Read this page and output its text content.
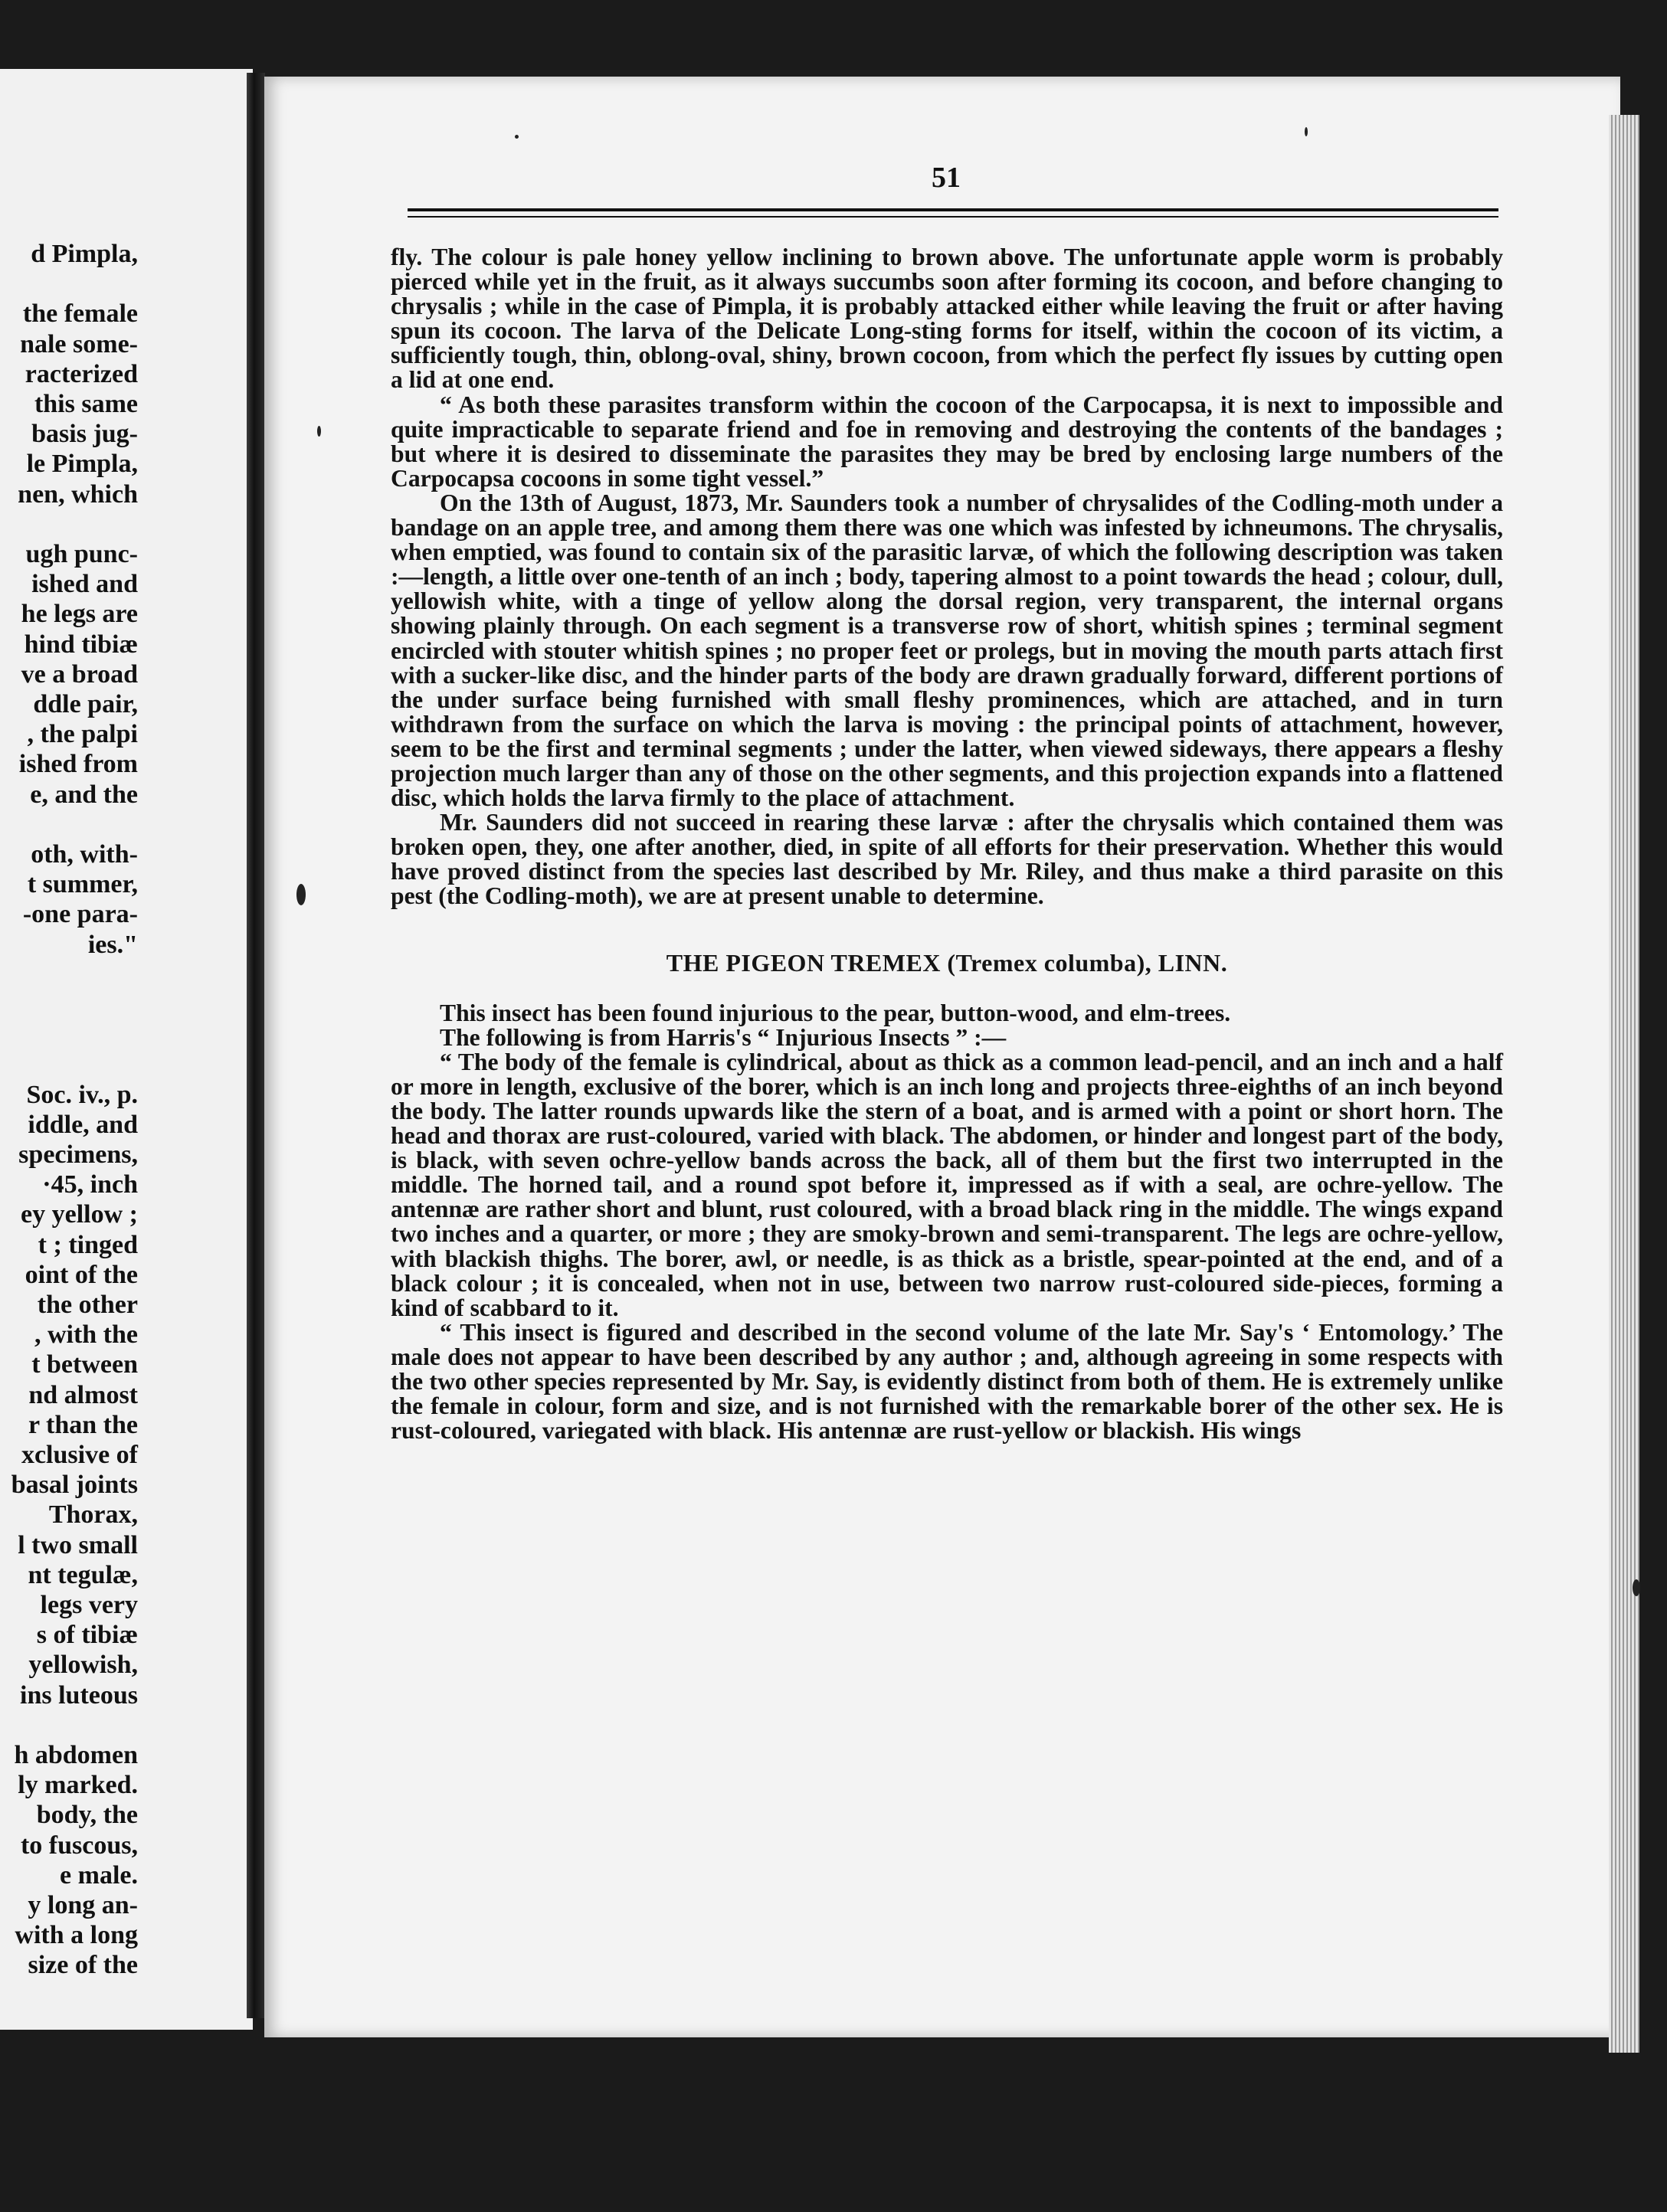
d Pimpla,
the female
nale some-
racterized
this same
basis jug-
le Pimpla,
nen, which
ugh punc-
ished and
he legs are
hind tibiæ
ve a broad
ddle pair,
, the palpi
ished from
e, and the
oth, with-
t summer,
-one para-
ies."
Soc. iv., p.
iddle, and
specimens,
·45, inch
ey yellow ;
t ; tinged
oint of the
the other
, with the
t between
nd almost
r than the
xclusive of
basal joints
Thorax,
l two small
nt tegulæ,
legs very
s of tibiæ
yellowish,
ins luteous
h abdomen
ly marked.
body, the
to fuscous,
e male.
y long an-
with a long
size of the
51

fly. The colour is pale honey yellow inclining to brown above. The unfortunate apple worm is probably pierced while yet in the fruit, as it always succumbs soon after forming its cocoon, and before changing to chrysalis ; while in the case of Pimpla, it is probably attacked either while leaving the fruit or after having spun its cocoon. The larva of the Delicate Long-sting forms for itself, within the cocoon of its victim, a sufficiently tough, thin, oblong-oval, shiny, brown cocoon, from which the perfect fly issues by cutting open a lid at one end.

“ As both these parasites transform within the cocoon of the Carpocapsa, it is next to impossible and quite impracticable to separate friend and foe in removing and destroying the contents of the bandages ; but where it is desired to disseminate the parasites they may be bred by enclosing large numbers of the Carpocapsa cocoons in some tight vessel.”

On the 13th of August, 1873, Mr. Saunders took a number of chrysalides of the Codling-moth under a bandage on an apple tree, and among them there was one which was infested by ichneumons. The chrysalis, when emptied, was found to contain six of the parasitic larvæ, of which the following description was taken :—length, a little over one-tenth of an inch ; body, tapering almost to a point towards the head ; colour, dull, yellowish white, with a tinge of yellow along the dorsal region, very transparent, the internal organs showing plainly through. On each segment is a transverse row of short, whitish spines ; terminal segment encircled with stouter whitish spines ; no proper feet or prolegs, but in moving the mouth parts attach first with a sucker-like disc, and the hinder parts of the body are drawn gradually forward, different portions of the under surface being furnished with small fleshy prominences, which are attached, and in turn withdrawn from the surface on which the larva is moving : the principal points of attachment, however, seem to be the first and terminal segments ; under the latter, when viewed sideways, there appears a fleshy projection much larger than any of those on the other segments, and this projection expands into a flattened disc, which holds the larva firmly to the place of attachment.

Mr. Saunders did not succeed in rearing these larvæ : after the chrysalis which contained them was broken open, they, one after another, died, in spite of all efforts for their preservation. Whether this would have proved distinct from the species last described by Mr. Riley, and thus make a third parasite on this pest (the Codling-moth), we are at present unable to determine.

THE PIGEON TREMEX (Tremex columba), LINN.

This insect has been found injurious to the pear, button-wood, and elm-trees.

The following is from Harris's “ Injurious Insects ” :—

“ The body of the female is cylindrical, about as thick as a common lead-pencil, and an inch and a half or more in length, exclusive of the borer, which is an inch long and projects three-eighths of an inch beyond the body. The latter rounds upwards like the stern of a boat, and is armed with a point or short horn. The head and thorax are rust-coloured, varied with black. The abdomen, or hinder and longest part of the body, is black, with seven ochre-yellow bands across the back, all of them but the first two interrupted in the middle. The horned tail, and a round spot before it, impressed as if with a seal, are ochre-yellow. The antennæ are rather short and blunt, rust coloured, with a broad black ring in the middle. The wings expand two inches and a quarter, or more ; they are smoky-brown and semi-transparent. The legs are ochre-yellow, with blackish thighs. The borer, awl, or needle, is as thick as a bristle, spear-pointed at the end, and of a black colour ; it is concealed, when not in use, between two narrow rust-coloured side-pieces, forming a kind of scabbard to it.

“ This insect is figured and described in the second volume of the late Mr. Say's ‘ Entomology.’ The male does not appear to have been described by any author ; and, although agreeing in some respects with the two other species represented by Mr. Say, is evidently distinct from both of them. He is extremely unlike the female in colour, form and size, and is not furnished with the remarkable borer of the other sex. He is rust-coloured, variegated with black. His antennæ are rust-yellow or blackish. His wings
